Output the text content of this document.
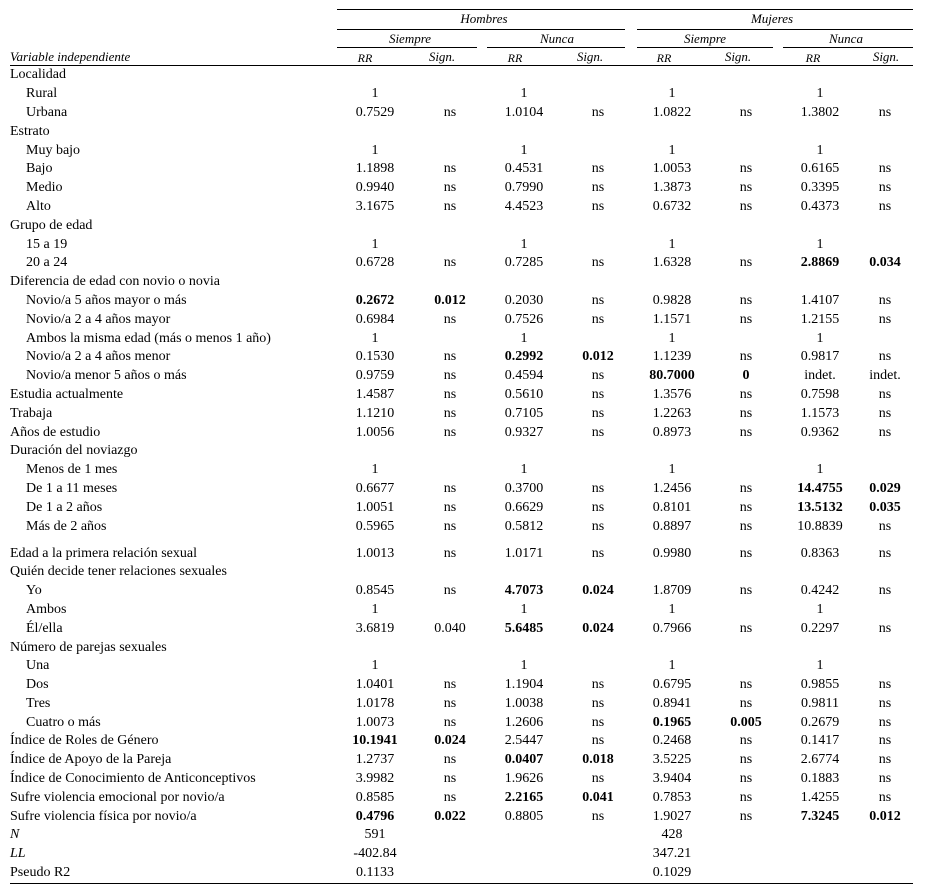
Hombres	Mujeres
Siempre	Nunca	Siempre	Nunca
Variable independiente	RR	Sign.	RR	Sign.	RR	Sign.	RR	Sign.
Localidad									
Rural	1		1		1		1		
Urbana	0.7529	ns	1.0104	ns	1.0822	ns	1.3802	ns	
Estrato									
Muy bajo	1		1		1		1		
Bajo	1.1898	ns	0.4531	ns	1.0053	ns	0.6165	ns	
Medio	0.9940	ns	0.7990	ns	1.3873	ns	0.3395	ns	
Alto	3.1675	ns	4.4523	ns	0.6732	ns	0.4373	ns	
Grupo de edad									
15 a 19	1		1		1		1		
20 a 24	0.6728	ns	0.7285	ns	1.6328	ns	2.8869	0.034	
Diferencia de edad con novio o novia									
Novio/a 5 años mayor o más	0.2672	0.012	0.2030	ns	0.9828	ns	1.4107	ns	
Novio/a 2 a 4 años mayor	0.6984	ns	0.7526	ns	1.1571	ns	1.2155	ns	
Ambos la misma edad (más o menos 1 año)	1		1		1		1		
Novio/a 2 a 4 años menor	0.1530	ns	0.2992	0.012	1.1239	ns	0.9817	ns	
Novio/a menor 5 años o más	0.9759	ns	0.4594	ns	80.7000	0	indet.	indet.	
Estudia actualmente	1.4587	ns	0.5610	ns	1.3576	ns	0.7598	ns	
Trabaja	1.1210	ns	0.7105	ns	1.2263	ns	1.1573	ns	
Años de estudio	1.0056	ns	0.9327	ns	0.8973	ns	0.9362	ns	
Duración del noviazgo									
Menos de 1 mes	1		1		1		1		
De 1 a 11 meses	0.6677	ns	0.3700	ns	1.2456	ns	14.4755	0.029	
De 1 a 2 años	1.0051	ns	0.6629	ns	0.8101	ns	13.5132	0.035	
Más de 2 años	0.5965	ns	0.5812	ns	0.8897	ns	10.8839	ns	
Edad a la primera relación sexual	1.0013	ns	1.0171	ns	0.9980	ns	0.8363	ns	
Quién decide tener relaciones sexuales									
Yo	0.8545	ns	4.7073	0.024	1.8709	ns	0.4242	ns	
Ambos	1		1		1		1		
Él/ella	3.6819	0.040	5.6485	0.024	0.7966	ns	0.2297	ns	
Número de parejas sexuales									
Una	1		1		1		1		
Dos	1.0401	ns	1.1904	ns	0.6795	ns	0.9855	ns	
Tres	1.0178	ns	1.0038	ns	0.8941	ns	0.9811	ns	
Cuatro o más	1.0073	ns	1.2606	ns	0.1965	0.005	0.2679	ns	
Índice de Roles de Género	10.1941	0.024	2.5447	ns	0.2468	ns	0.1417	ns	
Índice de Apoyo de la Pareja	1.2737	ns	0.0407	0.018	3.5225	ns	2.6774	ns	
Índice de Conocimiento de Anticonceptivos	3.9982	ns	1.9626	ns	3.9404	ns	0.1883	ns	
Sufre violencia emocional por novio/a	0.8585	ns	2.2165	0.041	0.7853	ns	1.4255	ns	
Sufre violencia física por novio/a	0.4796	0.022	0.8805	ns	1.9027	ns	7.3245	0.012	
N	591				428				
LL	-402.84				347.21				
Pseudo R2	0.1133				0.1029				
